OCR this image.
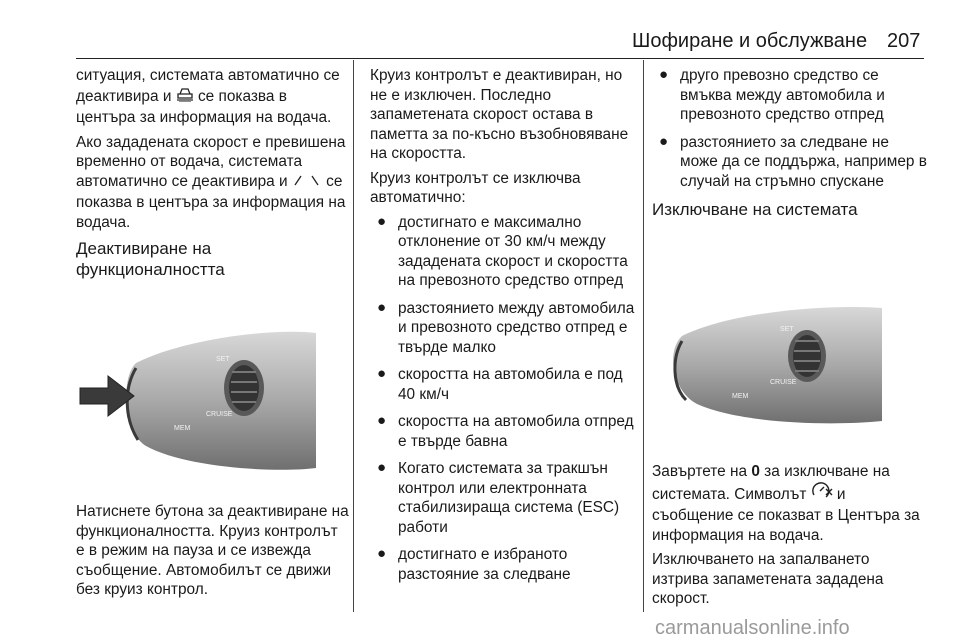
Шофиране и обслужване 207

ситуация, системата автоматично се деактивира и  се показва в центъра за информация на водача.

Ако зададената скорост е превишена временно от водача, системата автоматично се деактивира и  се показва в центъра за информация на водача.

Деактивиране на функционалността
SET
CRUISE
MEM

Натиснете бутона за деактивиране на функционалността. Круиз контролът е в режим на пауза и се извежда съобщение. Автомобилът се движи без круиз контрол.

Круиз контролът е деактивиран, но не е изключен. Последно запаметената скорост остава в паметта за по-късно възобновяване на скоростта.

Круиз контролът се изключва автоматично:

● достигнато е максимално отклонение от 30 км/ч между зададената скорост и скоростта на превозното средство отпред
● разстоянието между автомобила и превозното средство отпред е твърде малко
● скоростта на автомобила е под 40 км/ч
● скоростта на автомобила отпред е твърде бавна
● Когато системата за тракшън контрол или електронната стабилизираща система (ESC) работи
● достигнато е избраното разстояние за следване
● друго превозно средство се вмъква между автомобила и превозното средство отпред
● разстоянието за следване не може да се поддържа, например в случай на стръмно спускане
Изключване на системата
SET
CRUISE
MEM

Завъртете на 0 за изключване на системата. Символът  и съобщение се показват в Центъра за информация на водача.

Изключването на запалването изтрива запаметената зададена скорост.

carmanualsonline.info
